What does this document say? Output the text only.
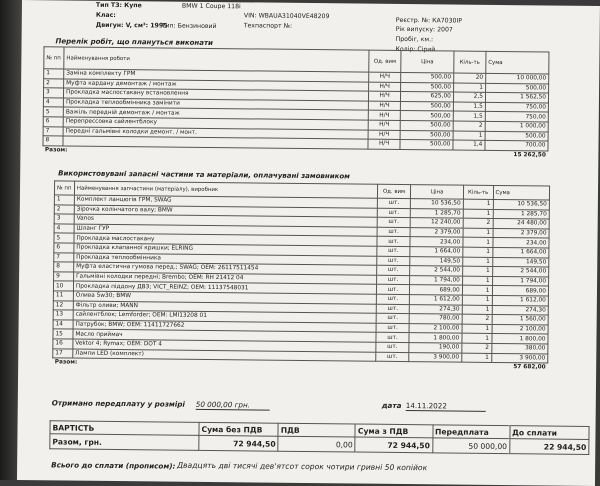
Тип ТЗ: Купе	BMW 1 Coupe 118i
Клас:	VIN: WBAUA31040VE48209
Реєстр. №: КА7030ІР
Двигун: V, см³: 1995
Тип: Бензиновий	Техпаспорт №:	Рік випуску: 2007
Пробіг, км.:
Колір: Сірий
Перелік робіт, що плануться виконати
№ пп	Найменування роботи	Од. вим	Ціна	Кіль-ть	Сума
1	Заміна комплекту ГРМ	Н/Ч	500,00	20	10 000,00
2	Муфта кардану демонтаж / монтаж	Н/Ч	500,00	1	500,00
3	Прокладка маслостакану встановлення	Н/Ч	625,00	2,5	1 562,50
4	Прокладка теплообмінника замінити	Н/Ч	500,00	1,5	750,00
5	Важіль передній демонтаж / монтаж	Н/Ч	500,00	1,5	750,00
6	Перепрессовка сайлентблоку	Н/Ч	500,00	2	1 000,00
7	Передні гальмівні колодки демонт. / монт.	Н/Ч	500,00	1	500,00
8		Н/Ч	500,00	1,4	700,00
Разом:					15 262,50
Використовувані запасні частини та матеріали, оплачувані замовником
№ пп	Найменування запчастини (матеріалу), виробник	Од. вим	Ціна	Кіль-ть	Сума
1	Комплект ланцюгів ГРМ, SWAG	шт.	10 536,50	1	10 536,50
2	Зірочка колінчатого валу; BMW	шт.	1 285,70	1	1 285,70
3	Vanos	шт.	12 240,00	2	24 480,00
4	Шланг ГУР	шт.	2 379,00	1	2 379,00
5	Прокладка маслостакану	шт.	234,00	1	234,00
6	Прокладка клапанної кришки; ELRING	шт.	1 664,00	1	1 664,00
7	Прокладка теплообмінника	шт.	149,50	1	149,50
8	Муфта еластична гумова перед.; SWAG; OEM: 26117511454	шт.	2 544,00	1	2 544,00
9	Гальмівні колодки передні; Brembo; OEM: RH 21412 04	шт.	1 794,00	1	1 794,00
10	Прокладка піддону ДВЗ; VICT_REINZ; OEM: 11137548031	шт.	689,00	1	689,00
11	Олива 5w30; BMW	шт.	1 612,00	1	1 612,00
12	Фільтр оливи; MANN	шт.	274,30	1	274,30
13	сайлентблок; Lemforder; OEM: LMI13208 01	шт.	780,00	2	1 560,00
14	Патрубок; BMW; OEM: 11411727662	шт.	2 100,00	1	2 100,00
15	Масло приймач	шт.	1 800,00	1	1 800,00
16	Vektor 4; Rymax; OEM: DOT 4	шт.	190,00	2	380,00
17	Лампи LED (комплект)	шт.	3 900,00	1	3 900,00
Разом:					57 682,00
Отримано передплату у розмірі 50 000,00 грн.	дата 14.11.2022
ВАРТІСТЬ	Сума без ПДВ	ПДВ	Сума з ПДВ	Передплата	До сплати
Разом, грн.	72 944,50	0,00	72 944,50	50 000,00	22 944,50
Всього до сплати (прописом): Двадцять дві тисячі дев'ятсот сорок чотири гривні 50 копійок
